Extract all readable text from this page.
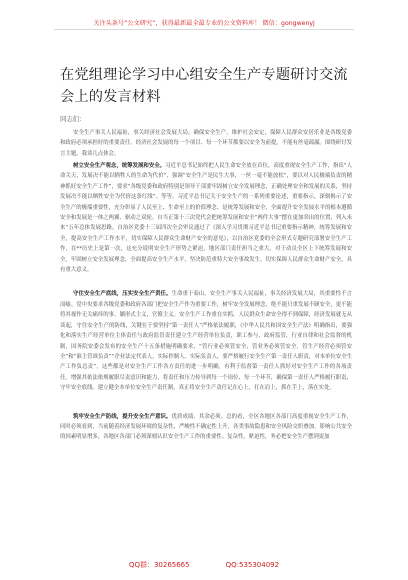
关注头条号“公文研究”，获得最新最全最专业的公文资料库！ 微信：gongwenyj
在党组理论学习中心组安全生产专题研讨交流会上的发言材料
同志们：

安全生产事关人民福祉，事关经济社会发展大局。确保安全生产，维护社会安定，保障人民群众安居乐业是各级党委和政府必须承担好的重要责任。经济社会发展的每一个项目、每一个环节都要以安全为前提，不能有丝毫疏漏。围绕研讨发言主题，我谈几点体会。

树立安全生产观念，统筹发展和安全。习近平总书记始终把人民生命安全放在首位，高度重视安全生产工作，指出“人命关天，发展决不能以牺牲人的生命为代价”，强调“安全生产是民生大事，一丝一毫不能放松”，要以对人民极端负责的精神抓好安全生产工作”，要求“各级党委和政府特别是领导干部要牢固树立安全发展理念，正确处理安全和发展的关系，坚持发展决不能以牺牲安全为代价这条红线”。等等。习近平总书记关于安全生产的一系列重要论述，重要指示，深刻揭示了安全生产的极端重要性，充分彰显了人民至上、生命至上的价值理念。是统筹发展和安全，全面提升安全发展水平的根本遵循安全和发展是一体之两翼、驱动之双轮。自当正第十三次党代会把统筹发展和安全“两件大事”摆在更加突出的位置，列入未来“五年总体发展思路，自治区党委十三届四次全会审议通过了《深入学习贯彻习近平总书记重要指示精神，统筹发展和安全，提高安全生产工作水平，切实保障人民群众生命财产安全的意见》，以自治区党委的全会形式专题研究部署安全生产工作，在**历史上是第一次，这充分说明安全生产形势之紧迫，地区部门责任担当之重大，对于动员全区上下统筹发展和安全，牢固树立安全发展理念，全面提高安全生产水平，坚决防范重特大安全事故发生，切实保障人民群众生命财产安全，具有重大意义。

守住安全生产底线，压实安全生产责任。生命重于泰山。安全生产事关人民福祉，事关经济发展大局，其重要性不言而喻。党中央要求各级党委和政府各部门把安全生产作为重要工作，树牢安全发展理念，绝不能只重发展不顾安全，更不能将其视作无关痛痒的事。躺形式主义，官僚主义。安全生产工作重在实抓，人民群众生命安全得不到保障，经济发展就无从谈起，守住安全生产的防线，关键在于要坚持“第一责任人”严格依法履职，《中华人民共和国安全生产法》明确指出，要强化和落实生产经营单位主体责任与政府监管责任建立生产经营单位负责，职工参与，政府监管，行业自律和社会监督的机制，国务院安委会发布的安全生产十五条措施明确要求，“管行业必须管安全，管业务必须管安全，管生产经营必须管安全”和“谁主管谁负责”“企业法定代表人，实际控制人、实际负责人，要严格履行安全生产第一责任人职责，对本单位安全生产工作负总责”，这些都是对安全生产工作各方责任的进一步明确，有利于监督第一责任人抓好对安全生产工作的各项责任。增强其依法依规履职尽责意识和能力，将责任和压力传导到每一个岗位、每一个环节，确保第一责任人严格履行职责，守牢安全底线。建立健全本单位安全生产责任制，真正将安全生产责任记在心上，扛在肩上，抓在手上，落在实处。

筑牢安全生产防线，提升安全生产意识。优质成绩，其余必须。总的看，全区各地区各部门高度重视安全生产工作，同时必须看到，当前随着经济发展环境的复杂性，严峻性不确定性上升，各类事故隐患和安全风险交织叠加，影响公共安全的因素明显增多，各地区各部门必须深刻认识安全生产工作的重要性。复杂性，紧迫性，务必把安全生产摆到更加

QQ群：30265665	QQ:535304092
